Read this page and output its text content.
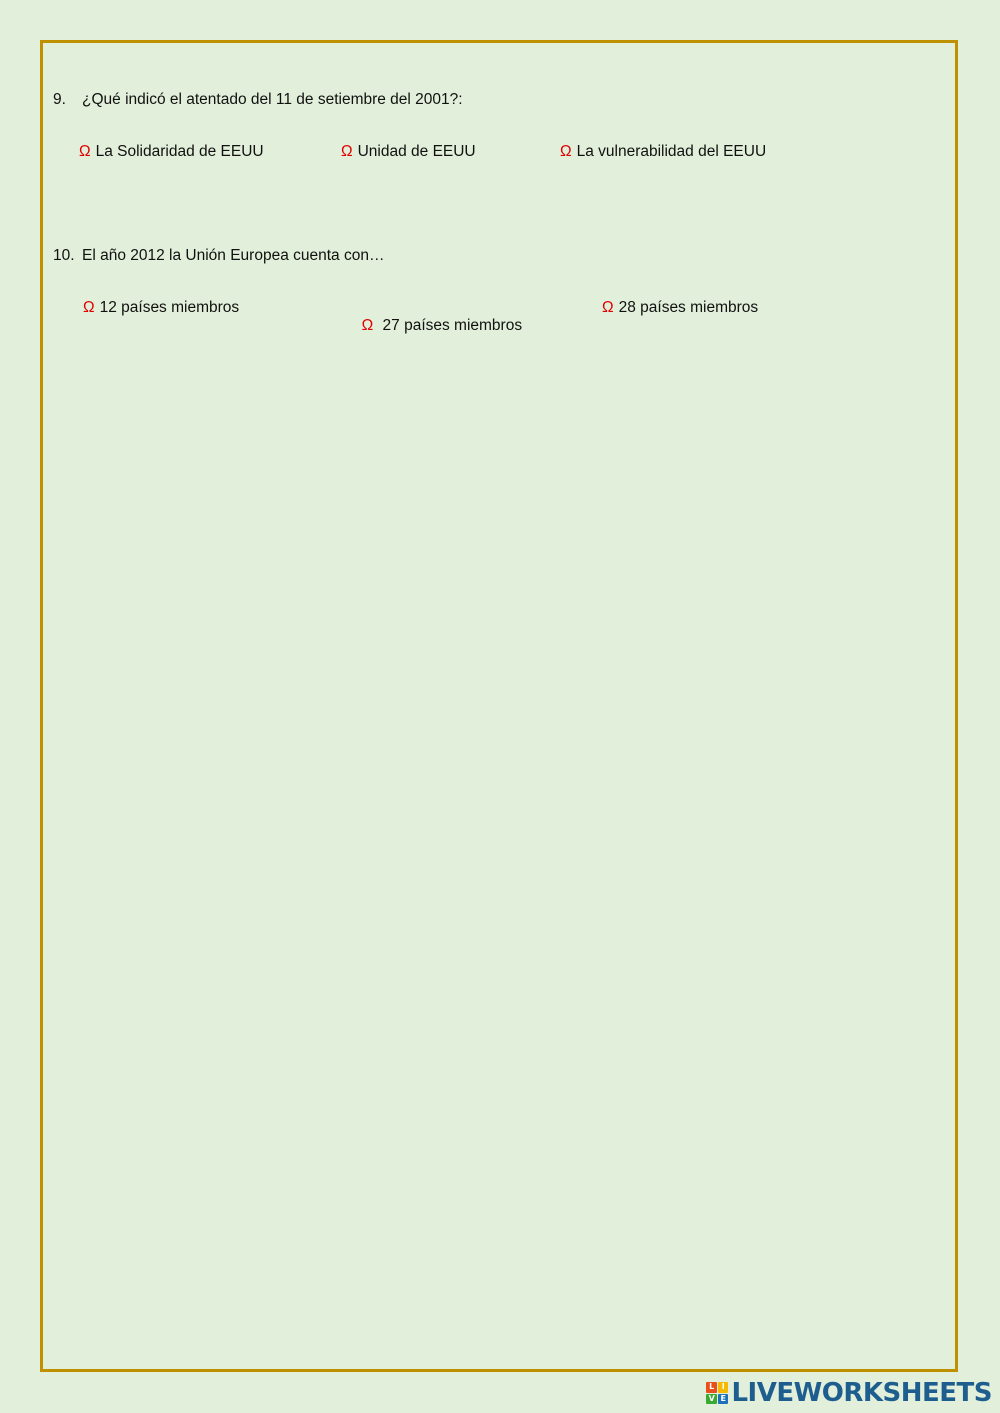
9. ¿Qué indicó el atentado del 11 de setiembre del 2001?:
Ω La Solidaridad de EEUU	Ω Unidad de EEUU	Ω La vulnerabilidad del EEUU
10. El año 2012 la Unión Europea cuenta con…
Ω 12 países miembros

Ω 27 países miembros

Ω 28 países miembros
L I
V E LIVEWORKSHEETS
